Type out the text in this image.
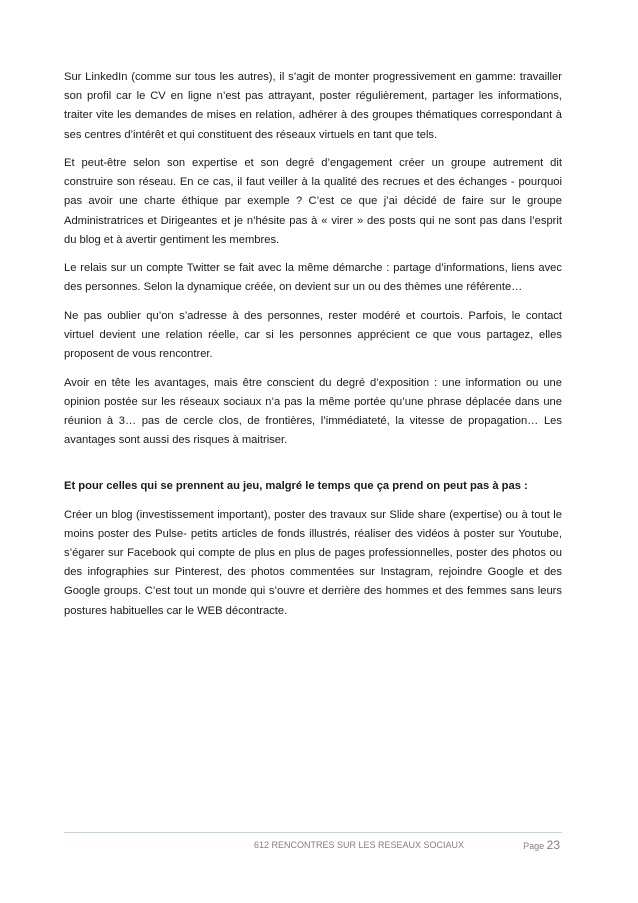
Sur LinkedIn (comme sur tous les autres), il s’agit de monter progressivement en gamme: travailler son profil car le CV en ligne n’est pas attrayant, poster régulièrement, partager les informations, traiter vite les demandes de mises en relation, adhérer à des groupes thématiques correspondant à ses centres d’intérêt et qui constituent des réseaux virtuels en tant que tels.

Et peut-être selon son expertise et son degré d’engagement créer un groupe autrement dit construire son réseau. En ce cas, il faut veiller à la qualité des recrues et des échanges - pourquoi pas avoir une charte éthique par exemple ? C’est ce que j’ai décidé de faire sur le groupe Administratrices et Dirigeantes et je n’hésite pas à « virer » des posts qui ne sont pas dans l’esprit du blog et à avertir gentiment les membres.

Le relais sur un compte Twitter se fait avec la même démarche : partage d’informations, liens avec des personnes. Selon la dynamique créée, on devient sur un ou des thèmes une référente…

Ne pas oublier qu’on s’adresse à des personnes, rester modéré et courtois. Parfois, le contact virtuel devient une relation réelle, car si les personnes apprécient ce que vous partagez, elles proposent de vous rencontrer.

Avoir en tête les avantages, mais être conscient du degré d’exposition : une information ou une opinion postée sur les réseaux sociaux n’a pas la même portée qu’une phrase déplacée dans une réunion à 3… pas de cercle clos, de frontières, l’immédiateté, la vitesse de propagation… Les avantages sont aussi des risques à maitriser.

Et pour celles qui se prennent au jeu, malgré le temps que ça prend on peut pas à pas :

Créer un blog (investissement important), poster des travaux sur Slide share (expertise) ou à tout le moins poster des Pulse- petits articles de fonds illustrés, réaliser des vidéos à poster sur Youtube, s’égarer sur Facebook qui compte de plus en plus de pages professionnelles, poster des photos ou des infographies sur Pinterest, des photos commentées sur Instagram, rejoindre Google et des Google groups. C’est tout un monde qui s’ouvre et derrière des hommes et des femmes sans leurs postures habituelles car le WEB décontracte.

612 RENCONTRES SUR LES RESEAUX SOCIAUX	Page 23
